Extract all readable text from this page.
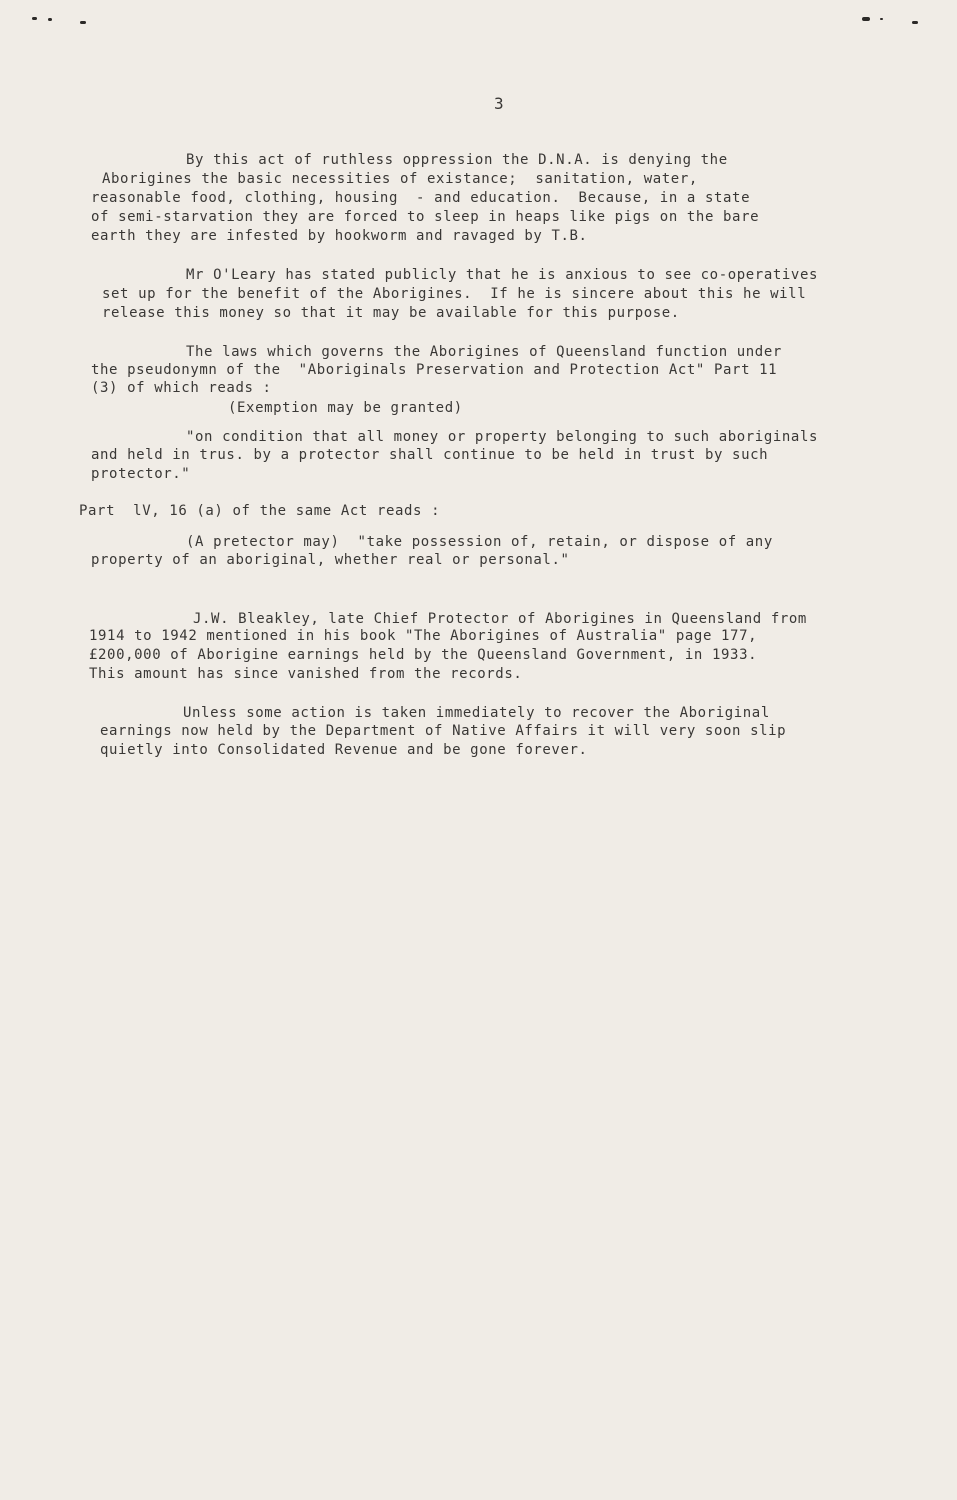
3
By this act of ruthless oppression the D.N.A. is denying the
Aborigines the basic necessities of existance;  sanitation, water,
reasonable food, clothing, housing  - and education.  Because, in a state
of semi-starvation they are forced to sleep in heaps like pigs on the bare
earth they are infested by hookworm and ravaged by T.B.
Mr O'Leary has stated publicly that he is anxious to see co-operatives
set up for the benefit of the Aborigines.  If he is sincere about this he will
release this money so that it may be available for this purpose.
The laws which governs the Aborigines of Queensland function under
the pseudonymn of the  "Aboriginals Preservation and Protection Act" Part 11
(3) of which reads :
(Exemption may be granted)
"on condition that all money or property belonging to such aboriginals
and held in trus. by a protector shall continue to be held in trust by such
protector."
Part  lV, 16 (a) of the same Act reads :
(A pretector may)  "take possession of, retain, or dispose of any
property of an aboriginal, whether real or personal."
J.W. Bleakley, late Chief Protector of Aborigines in Queensland from
1914 to 1942 mentioned in his book "The Aborigines of Australia" page 177,
£200,000 of Aborigine earnings held by the Queensland Government, in 1933.
This amount has since vanished from the records.
Unless some action is taken immediately to recover the Aboriginal
earnings now held by the Department of Native Affairs it will very soon slip
quietly into Consolidated Revenue and be gone forever.
